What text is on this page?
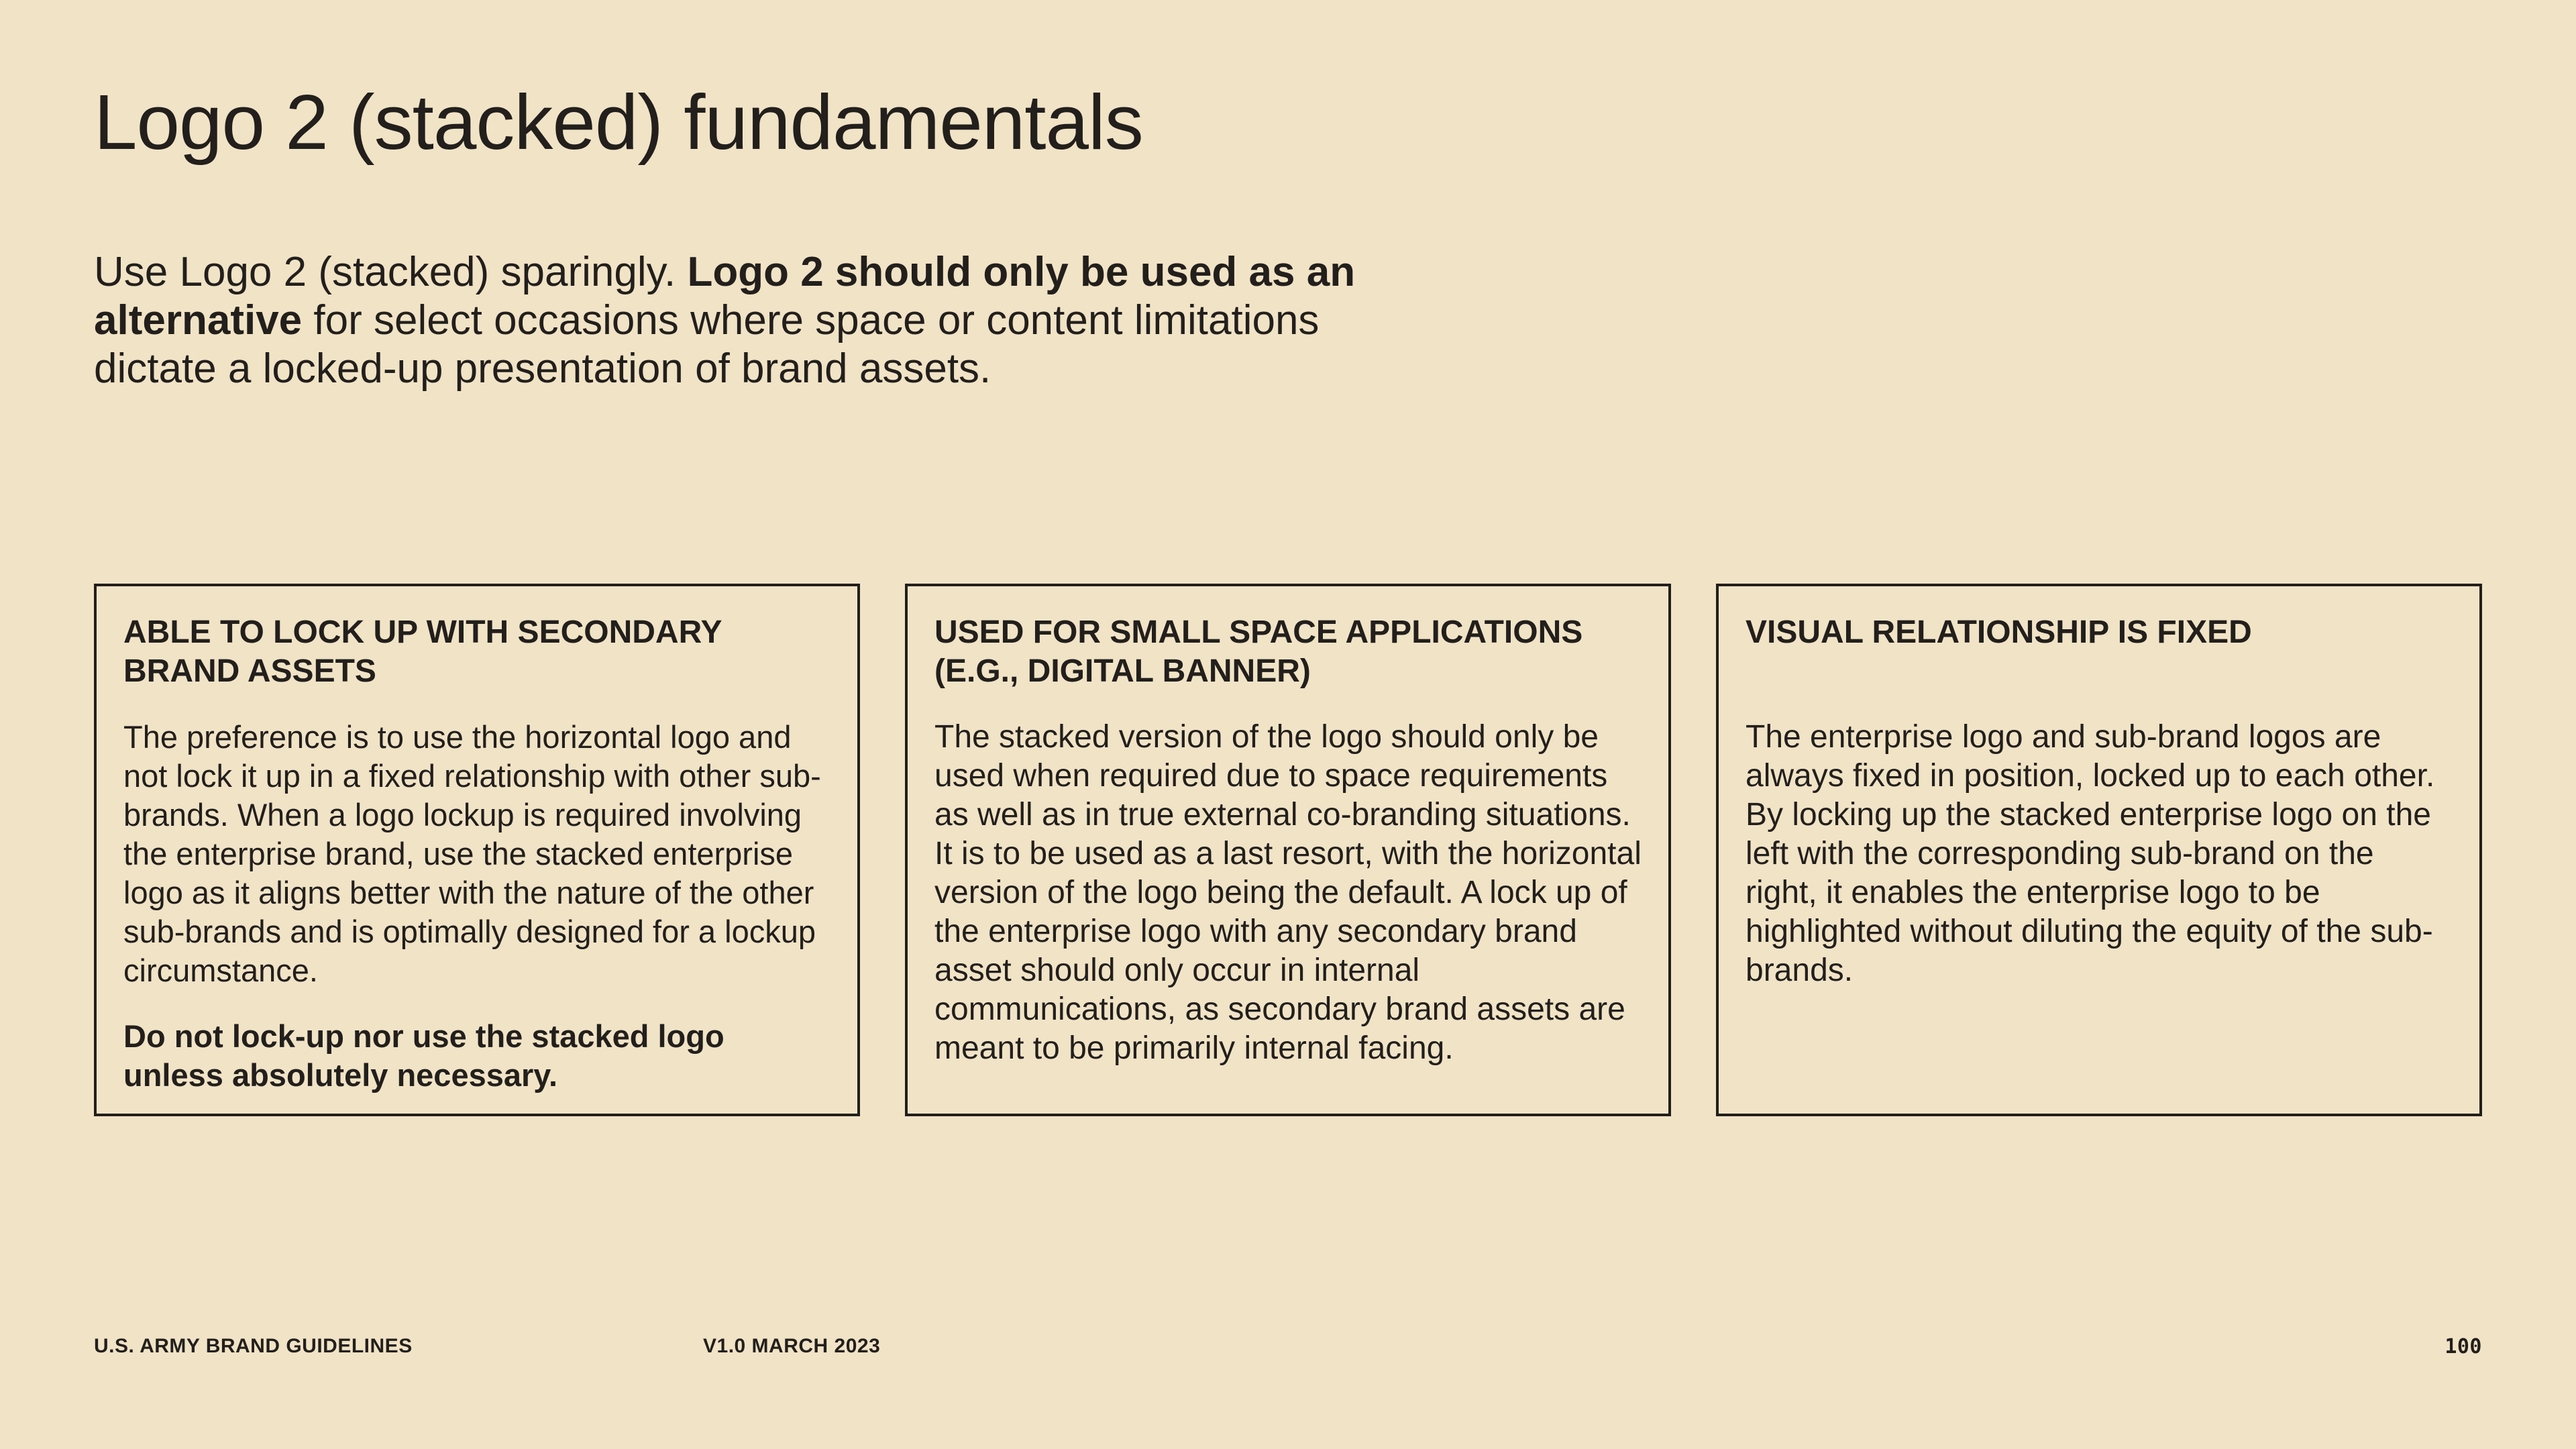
Logo 2 (stacked) fundamentals

Use Logo 2 (stacked) sparingly. Logo 2 should only be used as an alternative for select occasions where space or content limitations dictate a locked-up presentation of brand assets.

ABLE TO LOCK UP WITH SECONDARY BRAND ASSETS

The preference is to use the horizontal logo and not lock it up in a fixed relationship with other sub-brands. When a logo lockup is required involving the enterprise brand, use the stacked enterprise logo as it aligns better with the nature of the other sub-brands and is optimally designed for a lockup circumstance.

Do not lock-up nor use the stacked logo unless absolutely necessary.

USED FOR SMALL SPACE APPLICATIONS (E.G., DIGITAL BANNER)

The stacked version of the logo should only be used when required due to space requirements as well as in true external co-branding situations. It is to be used as a last resort, with the horizontal version of the logo being the default. A lock up of the enterprise logo with any secondary brand asset should only occur in internal communications, as secondary brand assets are meant to be primarily internal facing.

VISUAL RELATIONSHIP IS FIXED

The enterprise logo and sub-brand logos are always fixed in position, locked up to each other. By locking up the stacked enterprise logo on the left with the corresponding sub-brand on the right, it enables the enterprise logo to be highlighted without diluting the equity of the sub-brands.

U.S. ARMY BRAND GUIDELINES	V1.0 MARCH 2023	100
